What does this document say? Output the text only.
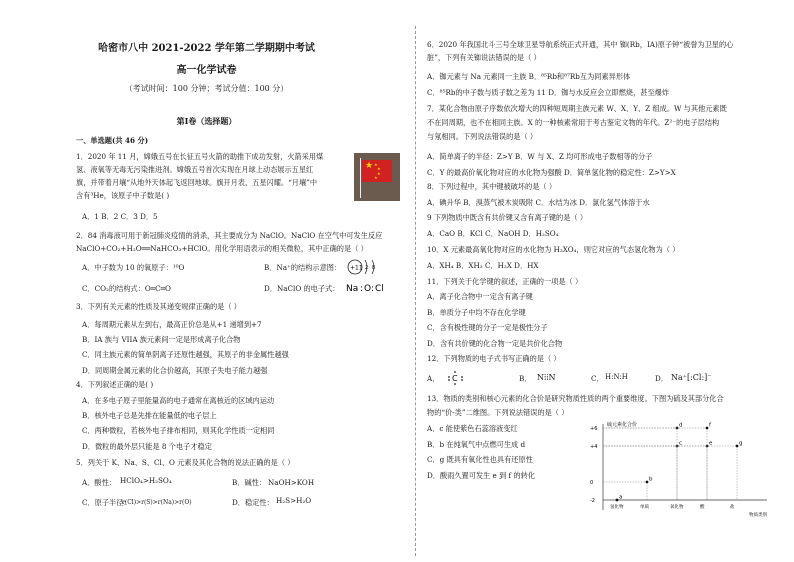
哈密市八中 2021-2022 学年第二学期期中考试
高一化学试卷
（考试时间：100 分钟；考试分值：100 分）
第Ⅰ卷（选择题）
一、单选题(共 46 分)
1．2020 年 11 月，嫦娥五号在长征五号火箭的助推下成功发射，火箭采用煤
氢、液氧等无毒无污染推进剂。嫦娥五号首次实现在月球上动态展示五星红
旗，并带着月壤“从地外天体起飞返回地球。旗开月表，五星闪耀。“月壤”中
含有³He，该原子中子数是( )
A．1 B．2 C．3 D．5
★ ★
★
★
★
2．84 消毒液可用于新冠肺炎疫情的消杀，其主要成分为 NaClO。NaClO 在空气中可发生反应
NaClO+CO₂+H₂O══NaHCO₃+HClO。用化学用语表示的相关微粒，其中正确的是（ ）
A．中子数为 10 的氧原子：¹⁰O	B．Na⁺的结构示意图： +11 2 8
C．CO₂的结构式：O═C═O	D．NaClO 的电子式： Na : O : Cl
3．下列有关元素的性质及其递变规律正确的是（ ）
A．每周期元素从左到右，最高正价总是从+1 递增到+7
B．IA 族与 VIIA 族元素间一定是形成离子化合物
C．同主族元素的简单阴离子还原性越强，其原子的非金属性越强
D．同周期金属元素的化合价越高，其原子失电子能力越强
4．下列叙述正确的是( )
A．在多电子原子里能量高的电子通常在离核近的区域内运动
B．核外电子总是先排在能量低的电子层上
C．两种微粒，若核外电子排布相同，则其化学性质一定相同
D．微粒的最外层只能是 8 个电子才稳定
5．列关于 K、Na、S、Cl、O 元素及其化合物的说法正确的是（ ）
A．酸性： HClO₄>H₂SO₄	B．碱性： NaOH>KOH
C．原子半径：
r(Cl)>r(S)>r(Na)>r(O)	D．稳定性： H₂S>H₂O
6．2020 年我国北斗三号全球卫星导航系统正式开通，其中 铷(Rb，ⅠA)原子钟“被誉为卫星的心
脏”，下列有关铷说法错误的是（ ）
A．铷元素与 Na 元素同一主族 B．⁸⁵Rb和⁸⁷Rb互为同素异形体
C．⁸⁵Rb的中子数与质子数之差为 11 D．铷与水反应会立即燃烧，甚至爆炸
7．某化合物由原子序数依次增大的四种短周期主族元素 W、X、Y、Z 组成。W 与其他元素既
不在同周期，也不在相同主族。X 的一种核素常用于考古鉴定文物的年代。Z²⁻的电子层结构
与氖相同。下列说法错误的是（ ）
A．简单离子的半径：Z>Y B．W 与 X、Z 均可形成电子数相等的分子
C．Y 的最高价氧化物对应的水化物为强酸 D．简单氢化物的稳定性：Z>Y>X
8．下列过程中，其中键被破坏的是（ ）
A．碘升华 B．溴蒸气被木炭吸附 C．水结为冰 D．氯化氢气体溶于水
9 下列物质中既含有共价键又含有离子键的是（ ）
A．CaO B．KCl C．NaOH D．H₂SO₄
10．X 元素最高氧化物对应的水化物为 H₃XO₄，则它对应的气态氢化物为（ ）
A．XH₄ B．XH₃ C．H₂X D．HX
11．下列关于化学键的叙述，正确的一项是（ ）
A．离子化合物中一定含有离子键
B．单质分子中均不存在化学键
C．含有极性键的分子一定是极性分子
D．含有共价键的化合物一定是共价化合物
12．下列物质的电子式书写正确的是（ ）
A． C	B． N⁞⁞N	C． H:N:H	D． Na⁺[:Cl:]⁻
13．物质的类别和核心元素的化合价是研究物质性质的两个重要维度。下图为硫及其部分化合
物的“价-类”二维图。下列说法错误的是（ ）
A．c 能使紫色石蕊溶液变红
B．b 在纯氧气中点燃可生成 d
C．g 既具有氧化性也具有还原性
D．酸雨久置可发生 e 到 f 的转化
硫元素化合价
物质类别
+6
+4
0
-2
氢化物	单质	氧化物	酸	盐
a
b
c
d
e
f
g
